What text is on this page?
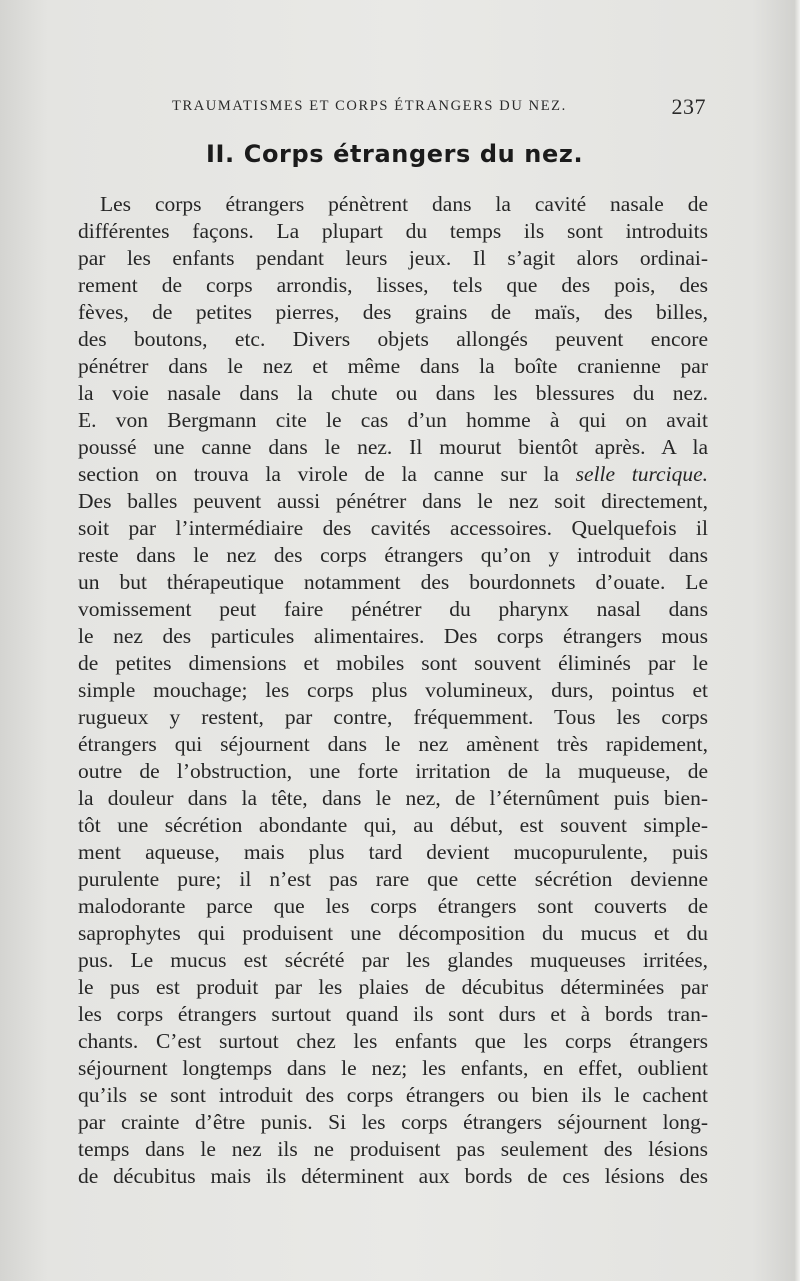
TRAUMATISMES ET CORPS ÉTRANGERS DU NEZ.	237
II. Corps étrangers du nez.
Les corps étrangers pénètrent dans la cavité nasale de
différentes façons. La plupart du temps ils sont introduits
par les enfants pendant leurs jeux. Il s’agit alors ordinai-
rement de corps arrondis, lisses, tels que des pois, des
fèves, de petites pierres, des grains de maïs, des billes,
des boutons, etc. Divers objets allongés peuvent encore
pénétrer dans le nez et même dans la boîte cranienne par
la voie nasale dans la chute ou dans les blessures du nez.
E. von Bergmann cite le cas d’un homme à qui on avait
poussé une canne dans le nez. Il mourut bientôt après. A la
section on trouva la virole de la canne sur la selle turcique.
Des balles peuvent aussi pénétrer dans le nez soit directement,
soit par l’intermédiaire des cavités accessoires. Quelquefois il
reste dans le nez des corps étrangers qu’on y introduit dans
un but thérapeutique notamment des bourdonnets d’ouate. Le
vomissement peut faire pénétrer du pharynx nasal dans
le nez des particules alimentaires. Des corps étrangers mous
de petites dimensions et mobiles sont souvent éliminés par le
simple mouchage; les corps plus volumineux, durs, pointus et
rugueux y restent, par contre, fréquemment. Tous les corps
étrangers qui séjournent dans le nez amènent très rapidement,
outre de l’obstruction, une forte irritation de la muqueuse, de
la douleur dans la tête, dans le nez, de l’éternûment puis bien-
tôt une sécrétion abondante qui, au début, est souvent simple-
ment aqueuse, mais plus tard devient mucopurulente, puis
purulente pure; il n’est pas rare que cette sécrétion devienne
malodorante parce que les corps étrangers sont couverts de
saprophytes qui produisent une décomposition du mucus et du
pus. Le mucus est sécrété par les glandes muqueuses irritées,
le pus est produit par les plaies de décubitus déterminées par
les corps étrangers surtout quand ils sont durs et à bords tran-
chants. C’est surtout chez les enfants que les corps étrangers
séjournent longtemps dans le nez; les enfants, en effet, oublient
qu’ils se sont introduit des corps étrangers ou bien ils le cachent
par crainte d’être punis. Si les corps étrangers séjournent long-
temps dans le nez ils ne produisent pas seulement des lésions
de décubitus mais ils déterminent aux bords de ces lésions des
